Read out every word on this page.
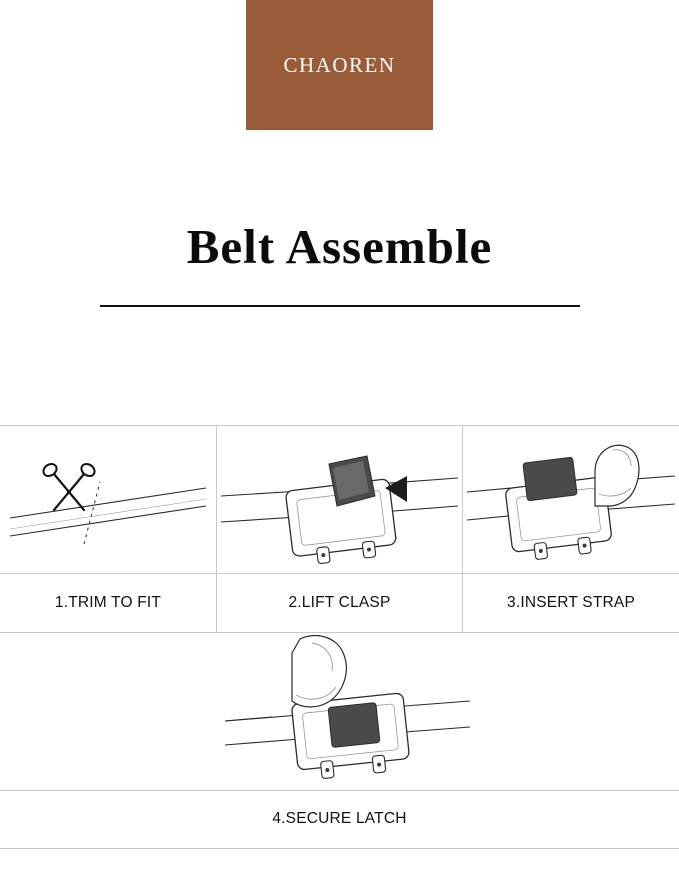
CHAOREN
Belt Assemble
1.TRIM TO FIT	2.LIFT CLASP	3.INSERT STRAP
4.SECURE LATCH
